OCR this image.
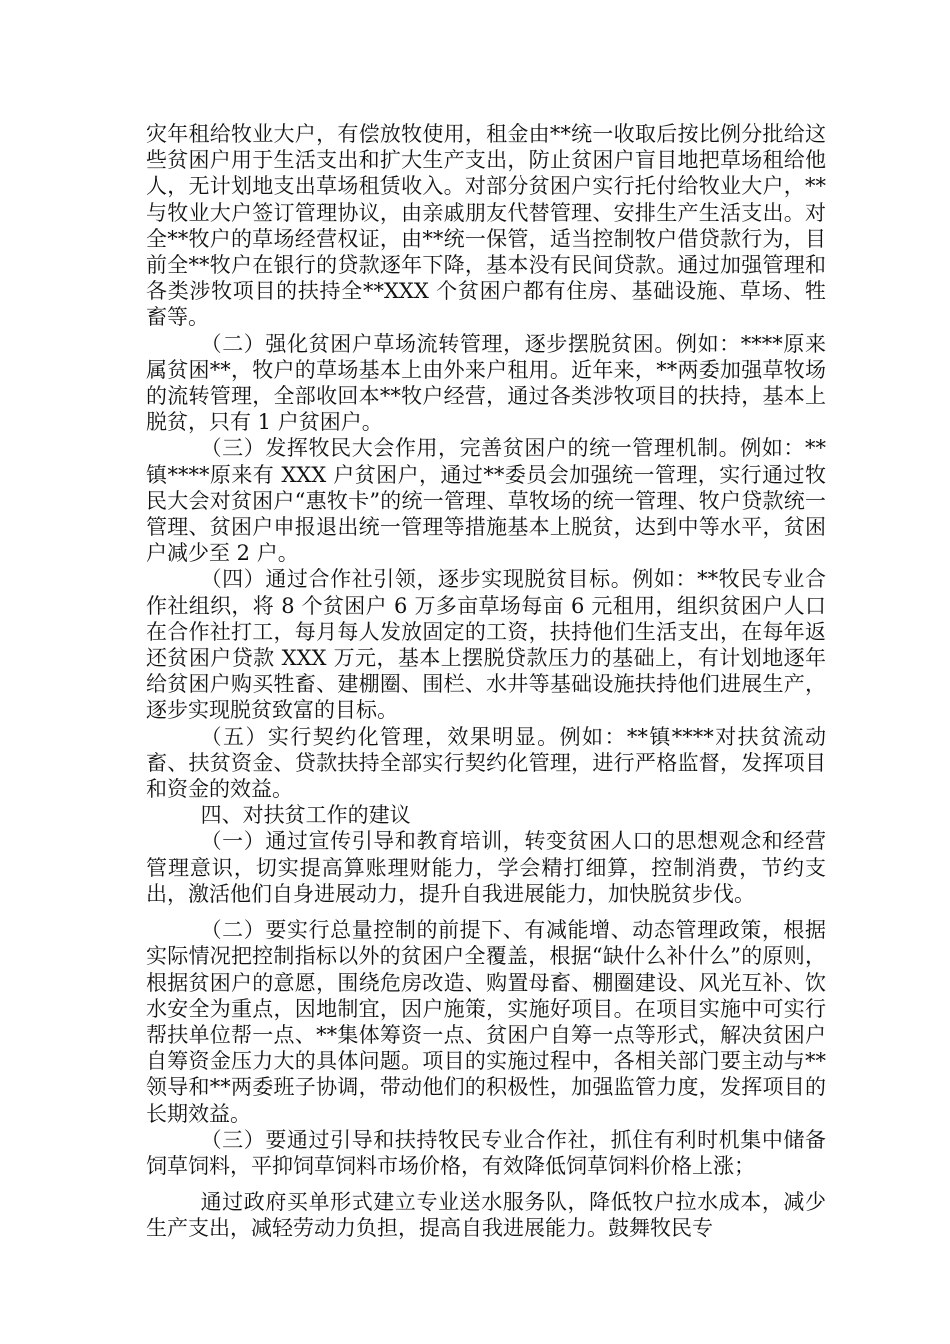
灾年租给牧业大户，有偿放牧使用，租金由**统一收取后按比例分批给这些贫困户用于生活支出和扩大生产支出，防止贫困户盲目地把草场租给他人，无计划地支出草场租赁收入。对部分贫困户实行托付给牧业大户，**与牧业大户签订管理协议，由亲戚朋友代替管理、安排生产生活支出。对全**牧户的草场经营权证，由**统一保管，适当控制牧户借贷款行为，目前全**牧户在银行的贷款逐年下降，基本没有民间贷款。通过加强管理和各类涉牧项目的扶持全**XXX 个贫困户都有住房、基础设施、草场、牲畜等。

（二）强化贫困户草场流转管理，逐步摆脱贫困。例如：****原来属贫困**，牧户的草场基本上由外来户租用。近年来，**两委加强草牧场的流转管理，全部收回本**牧户经营，通过各类涉牧项目的扶持，基本上脱贫，只有 1 户贫困户。

（三）发挥牧民大会作用，完善贫困户的统一管理机制。例如：**镇****原来有 XXX 户贫困户，通过**委员会加强统一管理，实行通过牧民大会对贫困户“惠牧卡”的统一管理、草牧场的统一管理、牧户贷款统一管理、贫困户申报退出统一管理等措施基本上脱贫，达到中等水平，贫困户减少至 2 户。

（四）通过合作社引领，逐步实现脱贫目标。例如：**牧民专业合作社组织，将 8 个贫困户 6 万多亩草场每亩 6 元租用，组织贫困户人口在合作社打工，每月每人发放固定的工资，扶持他们生活支出，在每年返还贫困户贷款 XXX 万元，基本上摆脱贷款压力的基础上，有计划地逐年给贫困户购买牲畜、建棚圈、围栏、水井等基础设施扶持他们进展生产，逐步实现脱贫致富的目标。

（五）实行契约化管理，效果明显。例如：**镇****对扶贫流动畜、扶贫资金、贷款扶持全部实行契约化管理，进行严格监督，发挥项目和资金的效益。

四、对扶贫工作的建议

（一）通过宣传引导和教育培训，转变贫困人口的思想观念和经营管理意识，切实提高算账理财能力，学会精打细算，控制消费，节约支出，激活他们自身进展动力，提升自我进展能力，加快脱贫步伐。

（二）要实行总量控制的前提下、有减能增、动态管理政策，根据实际情况把控制指标以外的贫困户全覆盖，根据“缺什么补什么”的原则，根据贫困户的意愿，围绕危房改造、购置母畜、棚圈建设、风光互补、饮水安全为重点，因地制宜，因户施策，实施好项目。在项目实施中可实行帮扶单位帮一点、**集体筹资一点、贫困户自筹一点等形式，解决贫困户自筹资金压力大的具体问题。项目的实施过程中，各相关部门要主动与**领导和**两委班子协调，带动他们的积极性，加强监管力度，发挥项目的长期效益。

（三）要通过引导和扶持牧民专业合作社，抓住有利时机集中储备饲草饲料，平抑饲草饲料市场价格，有效降低饲草饲料价格上涨；

通过政府买单形式建立专业送水服务队，降低牧户拉水成本，减少生产支出，减轻劳动力负担，提高自我进展能力。鼓舞牧民专
